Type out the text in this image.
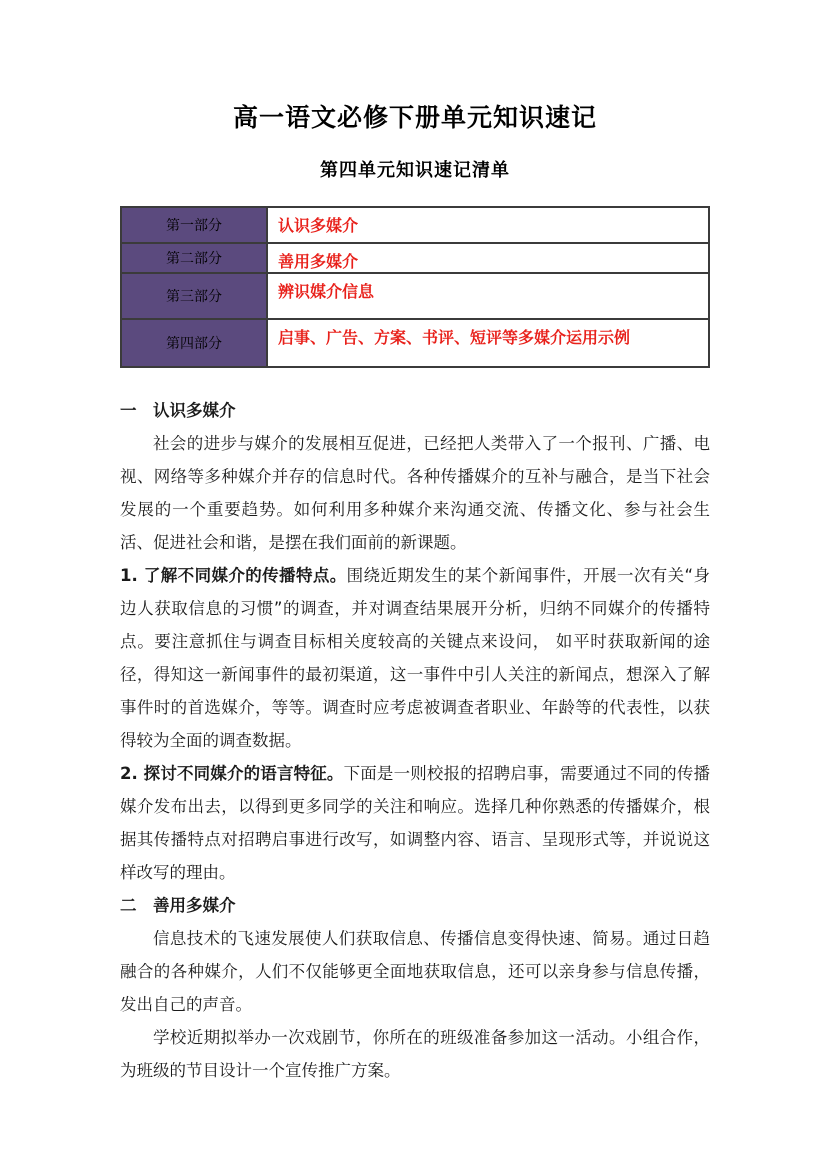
高一语文必修下册单元知识速记
第四单元知识速记清单
第一部分	认识多媒介
第二部分	善用多媒介
第三部分	辨识媒介信息
第四部分	启事、广告、方案、书评、短评等多媒介运用示例

一　认识多媒介

社会的进步与媒介的发展相互促进，已经把人类带入了一个报刊、广播、电视、网络等多种媒介并存的信息时代。各种传播媒介的互补与融合，是当下社会发展的一个重要趋势。如何利用多种媒介来沟通交流、传播文化、参与社会生活、促进社会和谐，是摆在我们面前的新课题。

1. 了解不同媒介的传播特点。围绕近期发生的某个新闻事件，开展一次有关“身边人获取信息的习惯”的调查，并对调查结果展开分析，归纳不同媒介的传播特点。要注意抓住与调查目标相关度较高的关键点来设问， 如平时获取新闻的途径，得知这一新闻事件的最初渠道，这一事件中引人关注的新闻点，想深入了解事件时的首选媒介，等等。调查时应考虑被调查者职业、年龄等的代表性，以获得较为全面的调查数据。

2. 探讨不同媒介的语言特征。下面是一则校报的招聘启事，需要通过不同的传播媒介发布出去，以得到更多同学的关注和响应。选择几种你熟悉的传播媒介，根据其传播特点对招聘启事进行改写，如调整内容、语言、呈现形式等，并说说这样改写的理由。

二　善用多媒介

信息技术的飞速发展使人们获取信息、传播信息变得快速、简易。通过日趋融合的各种媒介，人们不仅能够更全面地获取信息，还可以亲身参与信息传播，发出自己的声音。

学校近期拟举办一次戏剧节，你所在的班级准备参加这一活动。小组合作，为班级的节目设计一个宣传推广方案。
